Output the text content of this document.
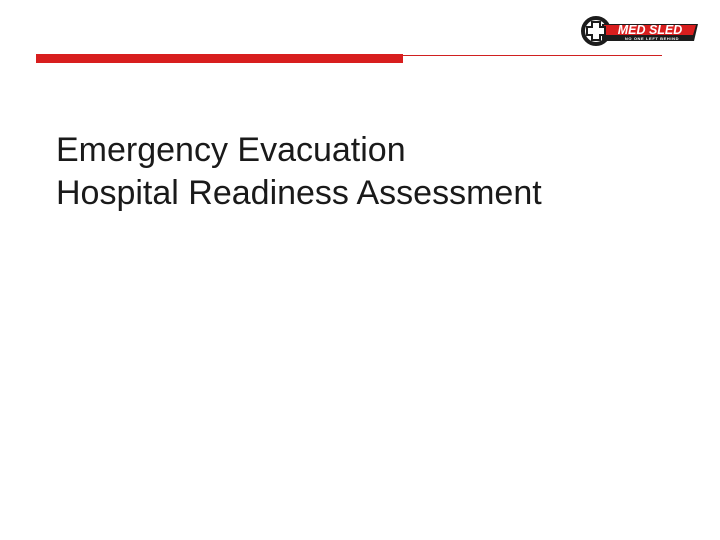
MED SLED
NO ONE LEFT BEHIND
Emergency Evacuation
Hospital Readiness Assessment
